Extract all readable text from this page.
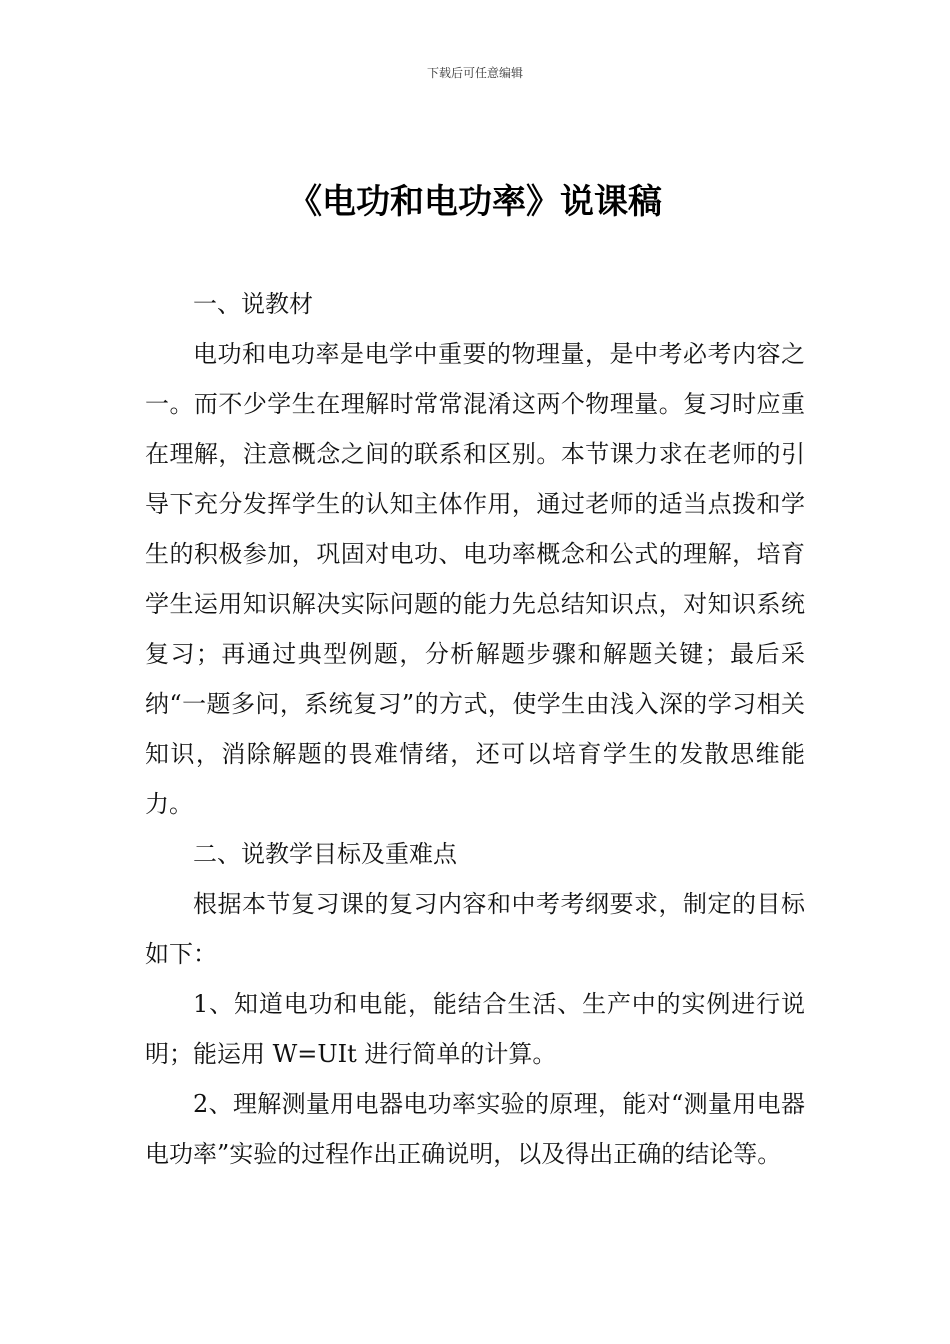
下载后可任意编辑
《电功和电功率》说课稿

一、说教材

电功和电功率是电学中重要的物理量，是中考必考内容之一。而不少学生在理解时常常混淆这两个物理量。复习时应重在理解，注意概念之间的联系和区别。本节课力求在老师的引导下充分发挥学生的认知主体作用，通过老师的适当点拨和学生的积极参加，巩固对电功、电功率概念和公式的理解，培育学生运用知识解决实际问题的能力先总结知识点，对知识系统复习；再通过典型例题，分析解题步骤和解题关键；最后采纳“一题多问，系统复习”的方式，使学生由浅入深的学习相关知识，消除解题的畏难情绪，还可以培育学生的发散思维能力。

二、说教学目标及重难点

根据本节复习课的复习内容和中考考纲要求，制定的目标如下：

1、知道电功和电能，能结合生活、生产中的实例进行说明；能运用 W=UIt 进行简单的计算。

2、理解测量用电器电功率实验的原理，能对“测量用电器电功率”实验的过程作出正确说明，以及得出正确的结论等。
